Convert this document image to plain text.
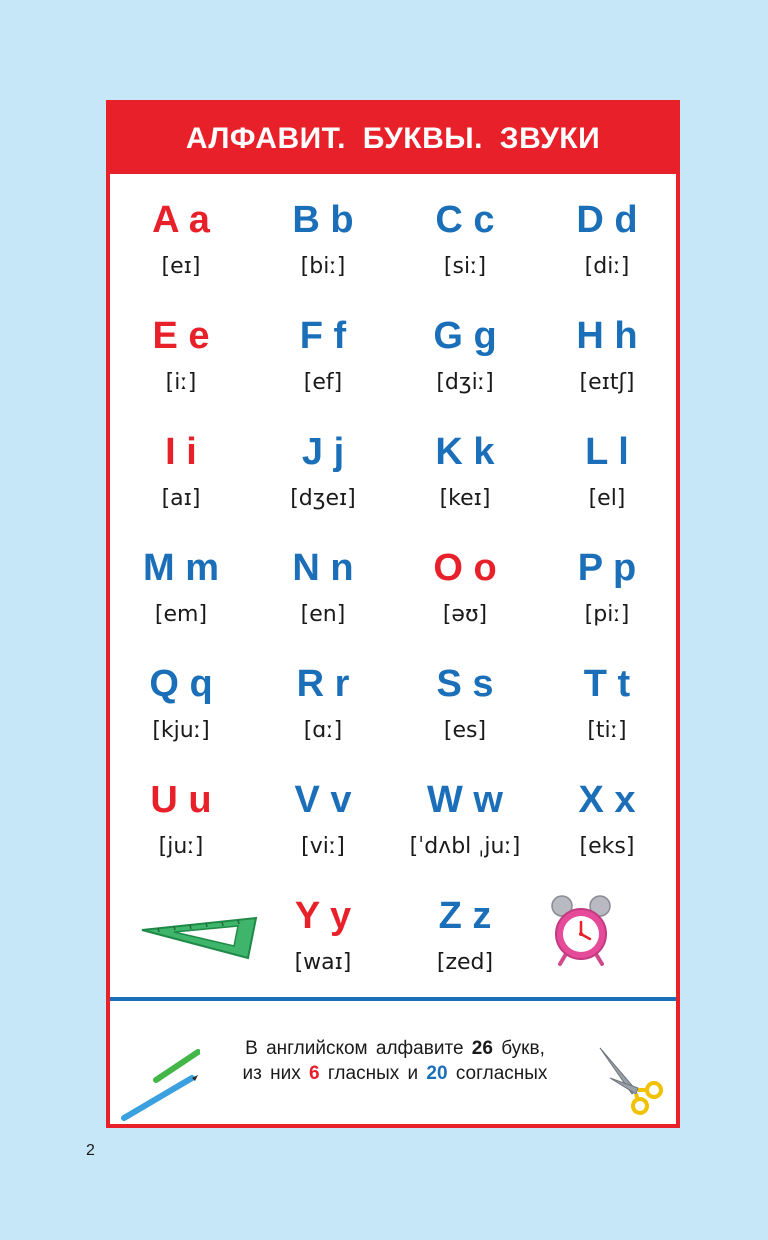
АЛФАВИТ. БУКВЫ. ЗВУКИ
A a
[eɪ]
B b
[biː]
C c
[siː]
D d
[diː]
E e
[iː]
F f
[ef]
G g
[dʒiː]
H h
[eɪtʃ]
I i
[aɪ]
J j
[dʒeɪ]
K k
[keɪ]
L l
[el]
M m
[em]
N n
[en]
O o
[əʊ]
P p
[piː]
Q q
[kjuː]
R r
[ɑː]
S s
[es]
T t
[tiː]
U u
[juː]
V v
[viː]
W w
[ˈdʌbl ˌjuː]
X x
[eks]
Y y
[waɪ]
Z z
[zed]
В английском алфавите 26 букв,
из них 6 гласных и 20 согласных
2
